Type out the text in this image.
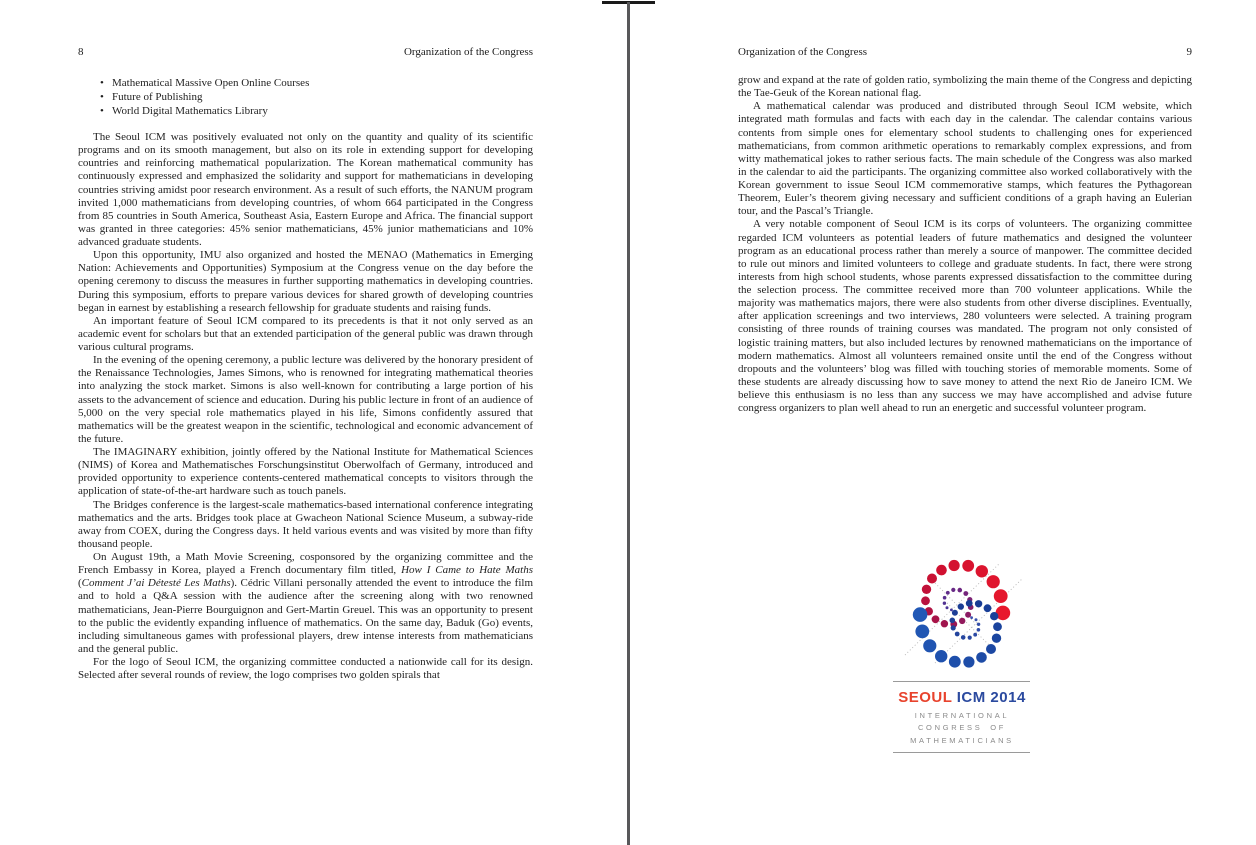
8	Organization of the Congress
• Mathematical Massive Open Online Courses
• Future of Publishing
• World Digital Mathematics Library

The Seoul ICM was positively evaluated not only on the quantity and quality of its scientific programs and on its smooth management, but also on its role in extending support for developing countries and reinforcing mathematical popularization. The Korean mathematical community has continuously expressed and emphasized the solidarity and support for mathematicians in developing countries striving amidst poor research environment. As a result of such efforts, the NANUM program invited 1,000 mathematicians from developing countries, of whom 664 participated in the Congress from 85 countries in South America, Southeast Asia, Eastern Europe and Africa. The financial support was granted in three categories: 45% senior mathematicians, 45% junior mathematicians and 10% advanced graduate students.

Upon this opportunity, IMU also organized and hosted the MENAO (Mathematics in Emerging Nation: Achievements and Opportunities) Symposium at the Congress venue on the day before the opening ceremony to discuss the measures in further supporting mathematics in developing countries. During this symposium, efforts to prepare various devices for shared growth of developing countries began in earnest by establishing a research fellowship for graduate students and raising funds.

An important feature of Seoul ICM compared to its precedents is that it not only served as an academic event for scholars but that an extended participation of the general public was drawn through various cultural programs.

In the evening of the opening ceremony, a public lecture was delivered by the honorary president of the Renaissance Technologies, James Simons, who is renowned for integrating mathematical theories into analyzing the stock market. Simons is also well-known for contributing a large portion of his assets to the advancement of science and education. During his public lecture in front of an audience of 5,000 on the very special role mathematics played in his life, Simons confidently assured that mathematics will be the greatest weapon in the scientific, technological and economic advancement of the future.

The IMAGINARY exhibition, jointly offered by the National Institute for Mathematical Sciences (NIMS) of Korea and Mathematisches Forschungsinstitut Oberwolfach of Germany, introduced and provided opportunity to experience contents-centered mathematical concepts to visitors through the application of state-of-the-art hardware such as touch panels.

The Bridges conference is the largest-scale mathematics-based international conference integrating mathematics and the arts. Bridges took place at Gwacheon National Science Museum, a subway-ride away from COEX, during the Congress days. It held various events and was visited by more than fifty thousand people.

On August 19th, a Math Movie Screening, cosponsored by the organizing committee and the French Embassy in Korea, played a French documentary film titled, How I Came to Hate Maths (Comment J’ai Détesté Les Maths). Cédric Villani personally attended the event to introduce the film and to hold a Q&A session with the audience after the screening along with two renowned mathematicians, Jean-Pierre Bourguignon and Gert-Martin Greuel. This was an opportunity to present to the public the evidently expanding influence of mathematics. On the same day, Baduk (Go) events, including simultaneous games with professional players, drew intense interests from mathematicians and the general public.

For the logo of Seoul ICM, the organizing committee conducted a nationwide call for its design. Selected after several rounds of review, the logo comprises two golden spirals that

Organization of the Congress	9

grow and expand at the rate of golden ratio, symbolizing the main theme of the Congress and depicting the Tae-Geuk of the Korean national flag.

A mathematical calendar was produced and distributed through Seoul ICM website, which integrated math formulas and facts with each day in the calendar. The calendar contains various contents from simple ones for elementary school students to challenging ones for experienced mathematicians, from common arithmetic operations to remarkably complex expressions, and from witty mathematical jokes to rather serious facts. The main schedule of the Congress was also marked in the calendar to aid the participants. The organizing committee also worked collaboratively with the Korean government to issue Seoul ICM commemorative stamps, which features the Pythagorean Theorem, Euler’s theorem giving necessary and sufficient conditions of a graph having an Eulerian tour, and the Pascal’s Triangle.

A very notable component of Seoul ICM is its corps of volunteers. The organizing committee regarded ICM volunteers as potential leaders of future mathematics and designed the volunteer program as an educational process rather than merely a source of manpower. The committee decided to rule out minors and limited volunteers to college and graduate students. In fact, there were strong interests from high school students, whose parents expressed dissatisfaction to the committee during the selection process. The committee received more than 700 volunteer applications. While the majority was mathematics majors, there were also students from other diverse disciplines. Eventually, after application screenings and two interviews, 280 volunteers were selected. A training program consisting of three rounds of training courses was mandated. The program not only consisted of logistic training matters, but also included lectures by renowned mathematicians on the importance of modern mathematics. Almost all volunteers remained onsite until the end of the Congress without dropouts and the volunteers’ blog was filled with touching stories of memorable moments. Some of these students are already discussing how to save money to attend the next Rio de Janeiro ICM. We believe this enthusiasm is no less than any success we may have accomplished and advise future congress organizers to plan well ahead to run an energetic and successful volunteer program.

SEOUL ICM 2014
INTERNATIONAL
CONGRESS OF
MATHEMATICIANS
